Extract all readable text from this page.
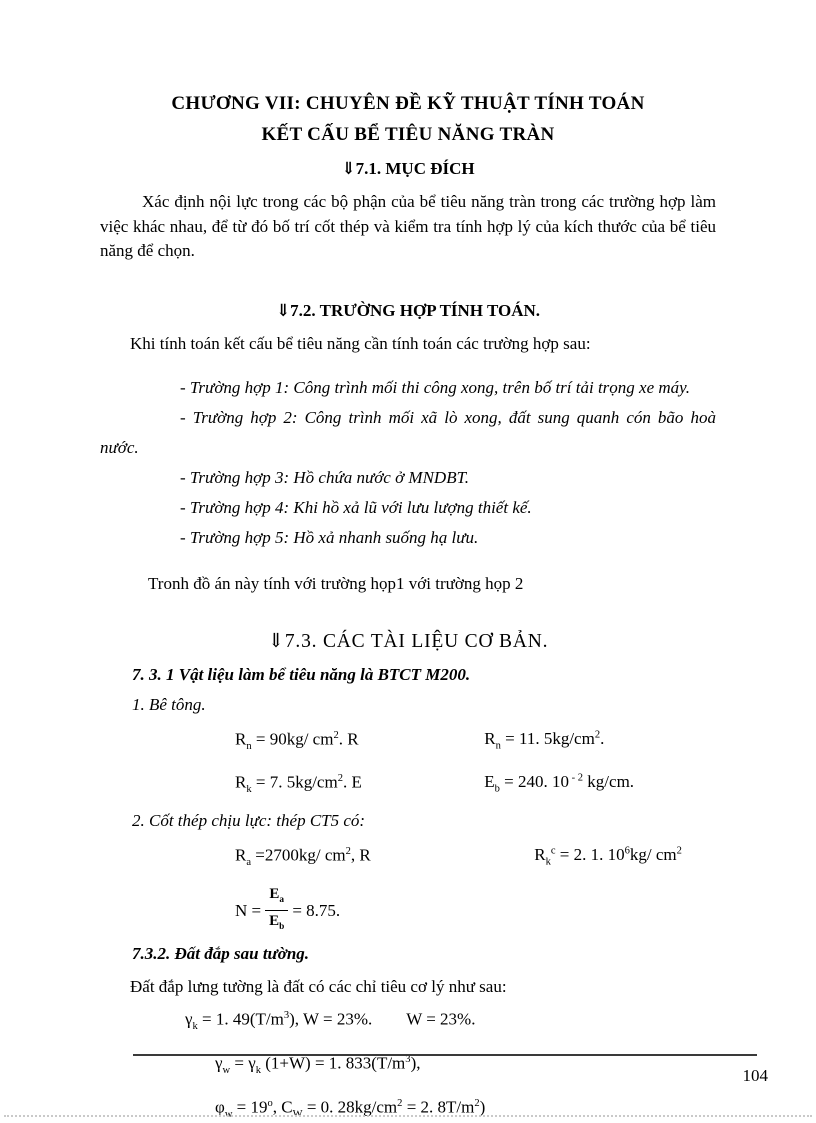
CHƯƠNG VII: CHUYÊN ĐỀ KỸ THUẬT TÍNH TOÁN
KẾT CẤU BỂ TIÊU NĂNG TRÀN
⇓7.1. MỤC ĐÍCH

Xác định nội lực trong các bộ phận của bể tiêu năng tràn trong các trường hợp làm việc khác nhau, để từ đó bố trí cốt thép và kiểm tra tính hợp lý của kích thước của bể tiêu năng để chọn.

⇓7.2. TRƯỜNG HỢP TÍNH TOÁN.

Khi tính toán kết cấu bể tiêu năng cần tính toán các trường hợp sau:

- Trường hợp 1: Công trình mối thi công xong, trên bố trí tải trọng xe máy.
- Trường hợp 2: Công trình mối xã lò xong, đất sung quanh cón bão hoà nước.
- Trường hợp 3: Hồ chứa nước ở MNDBT.
- Trường hợp 4: Khi hồ xả lũ với lưu lượng thiết kế.
- Trường hợp 5: Hồ xả nhanh suống hạ lưu.

Tronh đồ án này tính với trường họp1 với trường họp 2

⇓7.3. CÁC TÀI LIỆU CƠ BẢN.
7. 3. 1 Vật liệu làm bể tiêu năng là BTCT M200.
1. Bê tông.
$R_n = 90kg/$ $cm^2$. R	$R_n = 11$. $5kg/cm^2$.
$R_k = 7$. $5kg/cm^2$. E	$E_b = 240$. 10 $^{- 2}$ kg/cm.
2. Cốt thép chịu lực: thép CT5 có:
$R_a =2700kg/$ $cm^2$, R	$R_k^c = 2$. 1. $10^6kg/$ $cm^2$
$N = \frac{E_a}{E_b} = 8.75$.
7.3.2. Đất đắp sau tường.
Đất đắp lưng tường là đất có các chỉ tiêu cơ lý như sau:
$\gamma_k = 1$. $49(T/m^3)$, W = 23%. W = 23%.
$\gamma_w = \gamma_k$ (1+W) = 1. $833(T/m^3)$,
$\varphi_w = 19^o$, $C_W = 0$. $28kg/cm^2 = 2$. $8T/m^2$)
104
